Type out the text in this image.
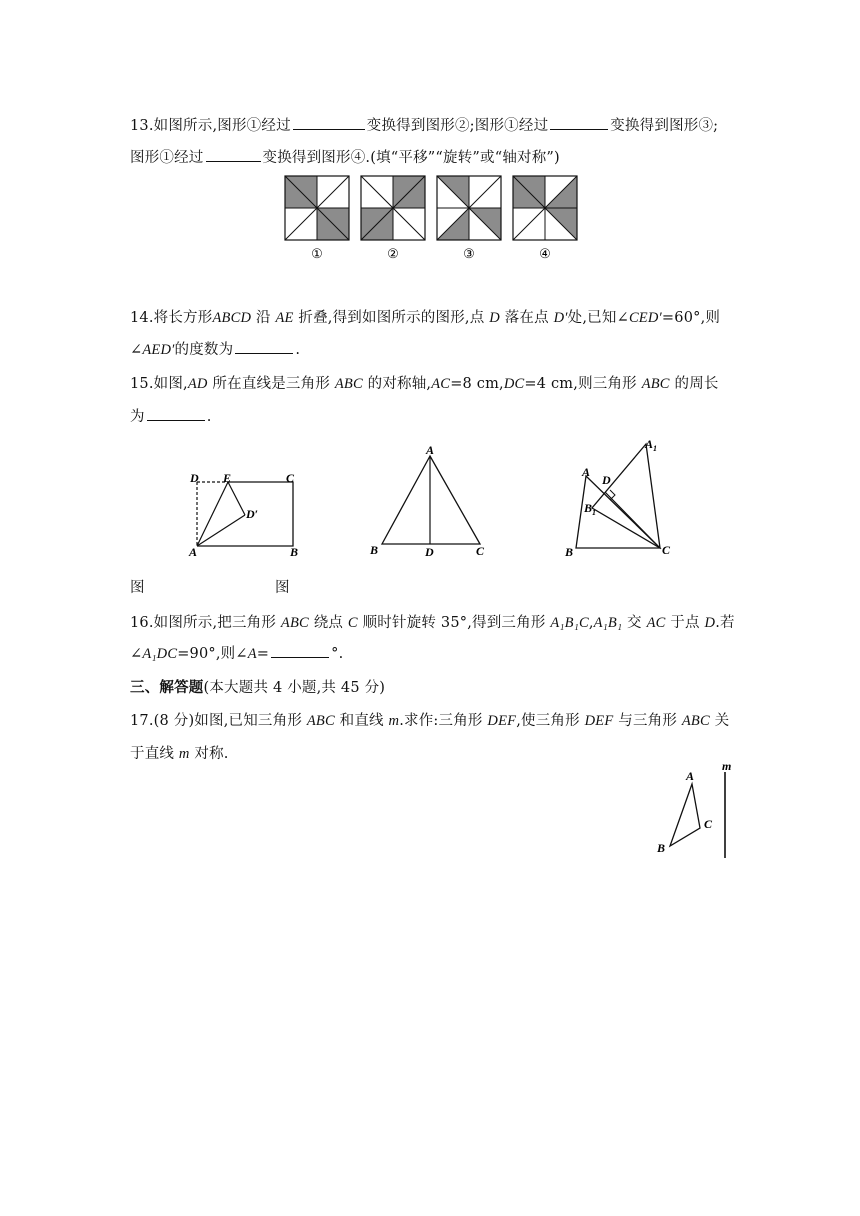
13.如图所示,图形①经过	变换得到图形②;图形①经过	变换得到图形③;
图形①经过	变换得到图形④.(填“平移”“旋转”或“轴对称”)
①	②	③	④
14.将长方形ABCD 沿 AE 折叠,得到如图所示的图形,点 D 落在点 D′处,已知∠CED′=60°,则
∠AED′的度数为	.
15.如图,AD 所在直线是三角形 ABC 的对称轴,AC=8 cm,DC=4 cm,则三角形 ABC 的周长
为	.
D E	C
D′
A	B
A
B	D	C
$A_1$
A
D
$B_1$
B	C
图	图
16.如图所示,把三角形 ABC 绕点 C 顺时针旋转 35°,得到三角形 A₁B₁C,A₁B₁ 交 AC 于点 D.若
∠A₁DC=90°,则∠A=	°.
三、解答题(本大题共 4 小题,共 45 分)
17.(8 分)如图,已知三角形 ABC 和直线 m.求作:三角形 DEF,使三角形 DEF 与三角形 ABC 关
于直线 m 对称.
A
B
C
m
